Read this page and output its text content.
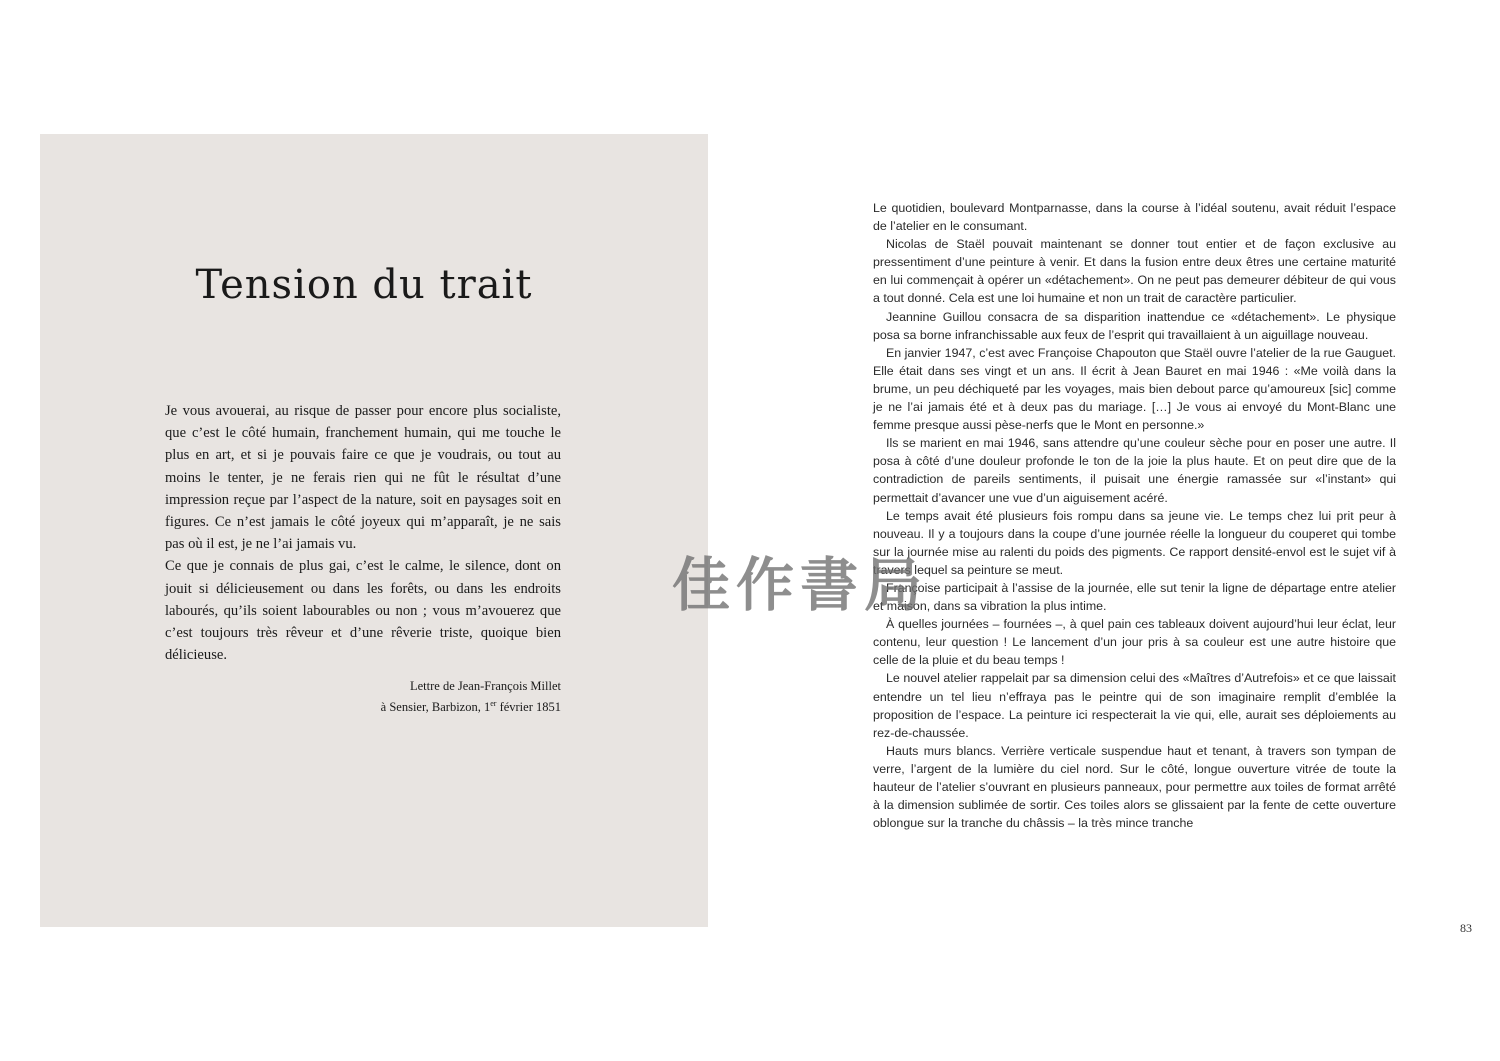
Tension du trait

Je vous avouerai, au risque de passer pour encore plus socialiste, que c’est le côté humain, franchement humain, qui me touche le plus en art, et si je pouvais faire ce que je voudrais, ou tout au moins le tenter, je ne ferais rien qui ne fût le résultat d’une impression reçue par l’aspect de la nature, soit en paysages soit en figures. Ce n’est jamais le côté joyeux qui m’apparaît, je ne sais pas où il est, je ne l’ai jamais vu.

Ce que je connais de plus gai, c’est le calme, le silence, dont on jouit si délicieusement ou dans les forêts, ou dans les endroits labourés, qu’ils soient labourables ou non ; vous m’avouerez que c’est toujours très rêveur et d’une rêverie triste, quoique bien délicieuse.

Lettre de Jean-François Millet
à Sensier, Barbizon, 1er février 1851

Le quotidien, boulevard Montparnasse, dans la course à l’idéal soutenu, avait réduit l’espace de l’atelier en le consumant.

Nicolas de Staël pouvait maintenant se donner tout entier et de façon exclusive au pressentiment d’une peinture à venir. Et dans la fusion entre deux êtres une certaine maturité en lui commençait à opérer un «détachement». On ne peut pas demeurer débiteur de qui vous a tout donné. Cela est une loi humaine et non un trait de caractère particulier.

Jeannine Guillou consacra de sa disparition inattendue ce «détachement». Le physique posa sa borne infranchissable aux feux de l’esprit qui travaillaient à un aiguillage nouveau.

En janvier 1947, c’est avec Françoise Chapouton que Staël ouvre l’atelier de la rue Gauguet. Elle était dans ses vingt et un ans. Il écrit à Jean Bauret en mai 1946 : «Me voilà dans la brume, un peu déchiqueté par les voyages, mais bien debout parce qu’amoureux [sic] comme je ne l’ai jamais été et à deux pas du mariage. […] Je vous ai envoyé du Mont-Blanc une femme presque aussi pèse-nerfs que le Mont en personne.»

Ils se marient en mai 1946, sans attendre qu’une couleur sèche pour en poser une autre. Il posa à côté d’une douleur profonde le ton de la joie la plus haute. Et on peut dire que de la contradiction de pareils sentiments, il puisait une énergie ramassée sur «l’instant» qui permettait d’avancer une vue d’un aiguisement acéré.

Le temps avait été plusieurs fois rompu dans sa jeune vie. Le temps chez lui prit peur à nouveau. Il y a toujours dans la coupe d’une journée réelle la longueur du couperet qui tombe sur la journée mise au ralenti du poids des pigments. Ce rapport densité-envol est le sujet vif à travers lequel sa peinture se meut.

Françoise participait à l’assise de la journée, elle sut tenir la ligne de départage entre atelier et maison, dans sa vibration la plus intime.

À quelles journées – fournées –, à quel pain ces tableaux doivent aujourd’hui leur éclat, leur contenu, leur question ! Le lancement d’un jour pris à sa couleur est une autre histoire que celle de la pluie et du beau temps !

Le nouvel atelier rappelait par sa dimension celui des «Maîtres d’Autrefois» et ce que laissait entendre un tel lieu n’effraya pas le peintre qui de son imaginaire remplit d’emblée la proposition de l’espace. La peinture ici respecterait la vie qui, elle, aurait ses déploiements au rez-de-chaussée.

Hauts murs blancs. Verrière verticale suspendue haut et tenant, à travers son tympan de verre, l’argent de la lumière du ciel nord. Sur le côté, longue ouverture vitrée de toute la hauteur de l’atelier s’ouvrant en plusieurs panneaux, pour permettre aux toiles de format arrêté à la dimension sublimée de sortir. Ces toiles alors se glissaient par la fente de cette ouverture oblongue sur la tranche du châssis – la très mince tranche

佳作書局
83
